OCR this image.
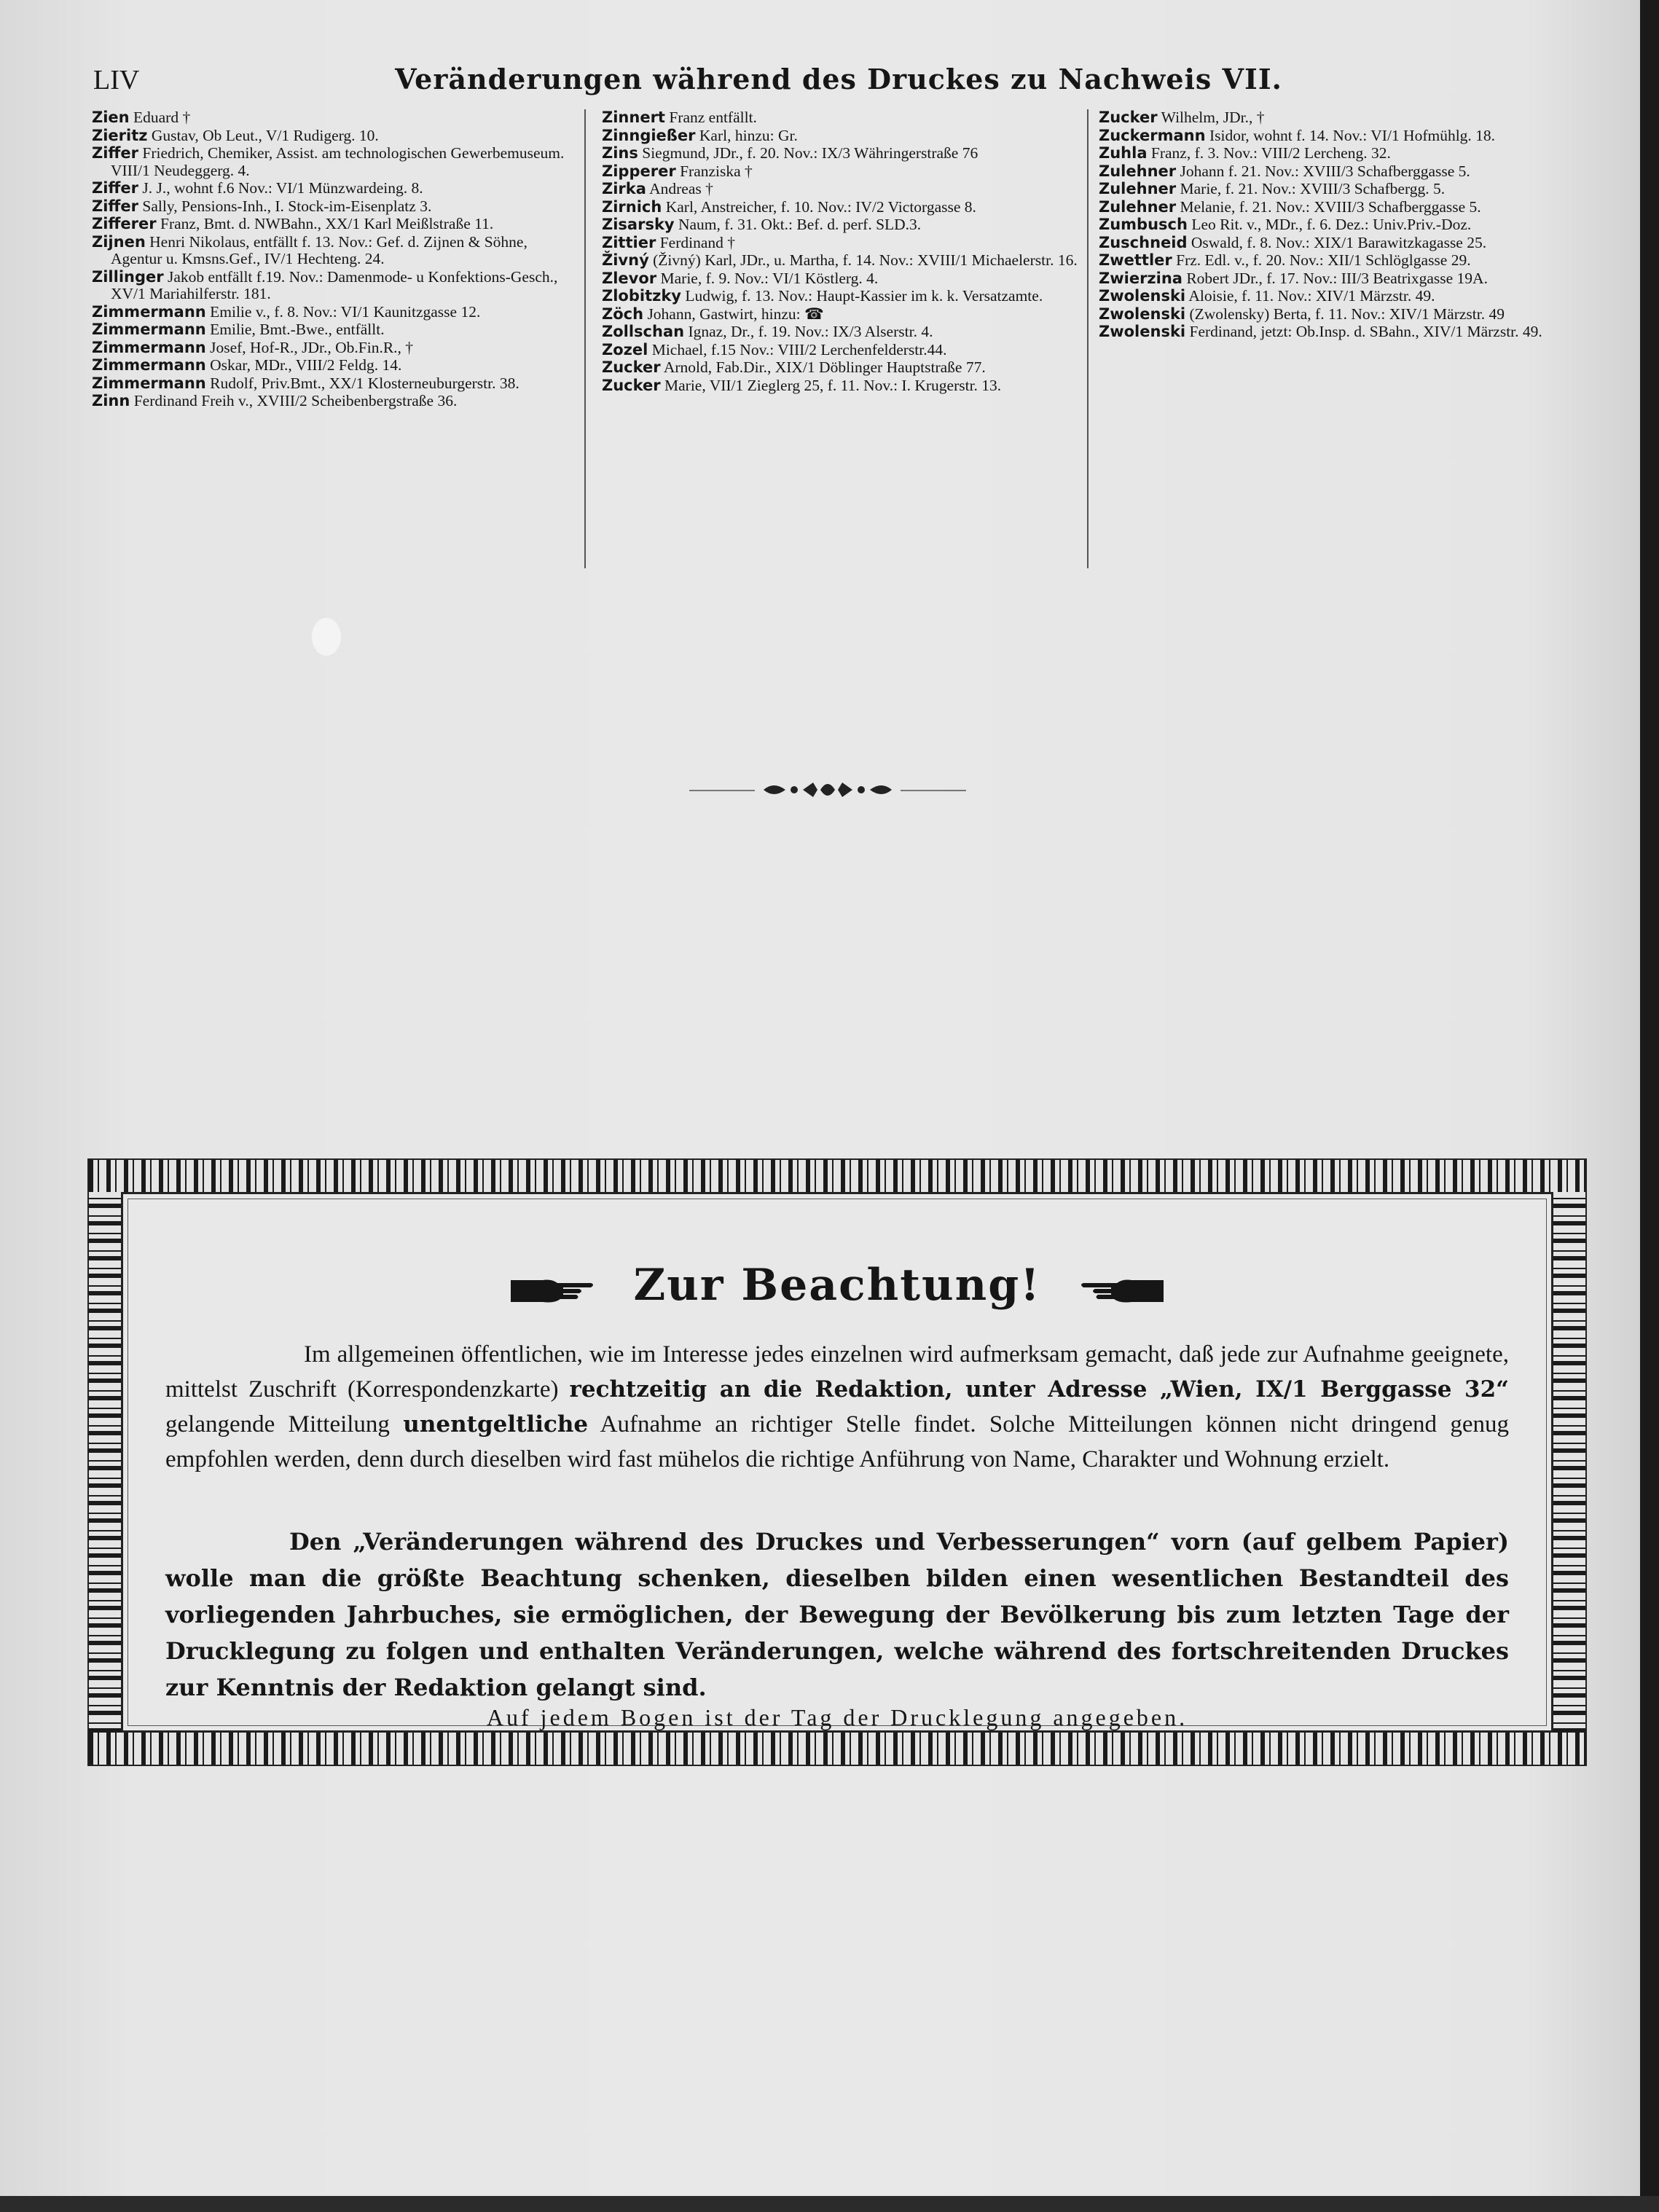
LIV	Veränderungen während des Druckes zu Nachweis VII.
Zien Eduard †
Zieritz Gustav, Ob Leut., V/1 Rudigerg. 10.
Ziffer Friedrich, Chemiker, Assist. am technologischen Gewerbemuseum. VIII/1 Neudeggerg. 4.
Ziffer J. J., wohnt f.6 Nov.: VI/1 Münzwardeing. 8.
Ziffer Sally, Pensions-Inh., I. Stock-im-Eisenplatz 3.
Zifferer Franz, Bmt. d. NWBahn., XX/1 Karl Meißlstraße 11.
Zijnen Henri Nikolaus, entfällt f. 13. Nov.: Gef. d. Zijnen & Söhne, Agentur u. Kmsns.Gef., IV/1 Hechteng. 24.
Zillinger Jakob entfällt f.19. Nov.: Damenmode- u Konfektions-Gesch., XV/1 Mariahilferstr. 181.
Zimmermann Emilie v., f. 8. Nov.: VI/1 Kaunitzgasse 12.
Zimmermann Emilie, Bmt.-Bwe., entfällt.
Zimmermann Josef, Hof-R., JDr., Ob.Fin.R., †
Zimmermann Oskar, MDr., VIII/2 Feldg. 14.
Zimmermann Rudolf, Priv.Bmt., XX/1 Klosterneuburgerstr. 38.
Zinn Ferdinand Freih v., XVIII/2 Scheibenbergstraße 36.
Zinnert Franz entfällt.
Zinngießer Karl, hinzu: Gr.
Zins Siegmund, JDr., f. 20. Nov.: IX/3 Währingerstraße 76
Zipperer Franziska †
Zirka Andreas †
Zirnich Karl, Anstreicher, f. 10. Nov.: IV/2 Victorgasse 8.
Zisarsky Naum, f. 31. Okt.: Bef. d. perf. SLD.3.
Zittier Ferdinand †
Živný (Živný) Karl, JDr., u. Martha, f. 14. Nov.: XVIII/1 Michaelerstr. 16.
Zlevor Marie, f. 9. Nov.: VI/1 Köstlerg. 4.
Zlobitzky Ludwig, f. 13. Nov.: Haupt-Kassier im k. k. Versatzamte.
Zöch Johann, Gastwirt, hinzu: ☎
Zollschan Ignaz, Dr., f. 19. Nov.: IX/3 Alserstr. 4.
Zozel Michael, f.15 Nov.: VIII/2 Lerchenfelderstr.44.
Zucker Arnold, Fab.Dir., XIX/1 Döblinger Hauptstraße 77.
Zucker Marie, VII/1 Zieglerg 25, f. 11. Nov.: I. Krugerstr. 13.
Zucker Wilhelm, JDr., †
Zuckermann Isidor, wohnt f. 14. Nov.: VI/1 Hofmühlg. 18.
Zuhla Franz, f. 3. Nov.: VIII/2 Lercheng. 32.
Zulehner Johann f. 21. Nov.: XVIII/3 Schafberggasse 5.
Zulehner Marie, f. 21. Nov.: XVIII/3 Schafbergg. 5.
Zulehner Melanie, f. 21. Nov.: XVIII/3 Schafberggasse 5.
Zumbusch Leo Rit. v., MDr., f. 6. Dez.: Univ.Priv.-Doz.
Zuschneid Oswald, f. 8. Nov.: XIX/1 Barawitzkagasse 25.
Zwettler Frz. Edl. v., f. 20. Nov.: XII/1 Schlöglgasse 29.
Zwierzina Robert JDr., f. 17. Nov.: III/3 Beatrixgasse 19A.
Zwolenski Aloisie, f. 11. Nov.: XIV/1 Märzstr. 49.
Zwolenski (Zwolensky) Berta, f. 11. Nov.: XIV/1 Märzstr. 49
Zwolenski Ferdinand, jetzt: Ob.Insp. d. SBahn., XIV/1 Märzstr. 49.
Zur Beachtung!
Im allgemeinen öffentlichen, wie im Interesse jedes einzelnen wird aufmerksam gemacht, daß jede zur Aufnahme geeignete, mittelst Zuschrift (Korrespondenzkarte) rechtzeitig an die Redaktion, unter Adresse „Wien, IX/1 Berggasse 32“ gelangende Mitteilung unentgeltliche Aufnahme an richtiger Stelle findet. Solche Mitteilungen können nicht dringend genug empfohlen werden, denn durch dieselben wird fast mühelos die richtige Anführung von Name, Charakter und Wohnung erzielt.
Den „Veränderungen während des Druckes und Verbesserungen“ vorn (auf gelbem Papier) wolle man die größte Beachtung schenken, dieselben bilden einen wesentlichen Bestandteil des vorliegenden Jahrbuches, sie ermöglichen, der Bewegung der Bevölkerung bis zum letzten Tage der Drucklegung zu folgen und enthalten Veränderungen, welche während des fortschreitenden Druckes zur Kenntnis der Redaktion gelangt sind.
Auf jedem Bogen ist der Tag der Drucklegung angegeben.
